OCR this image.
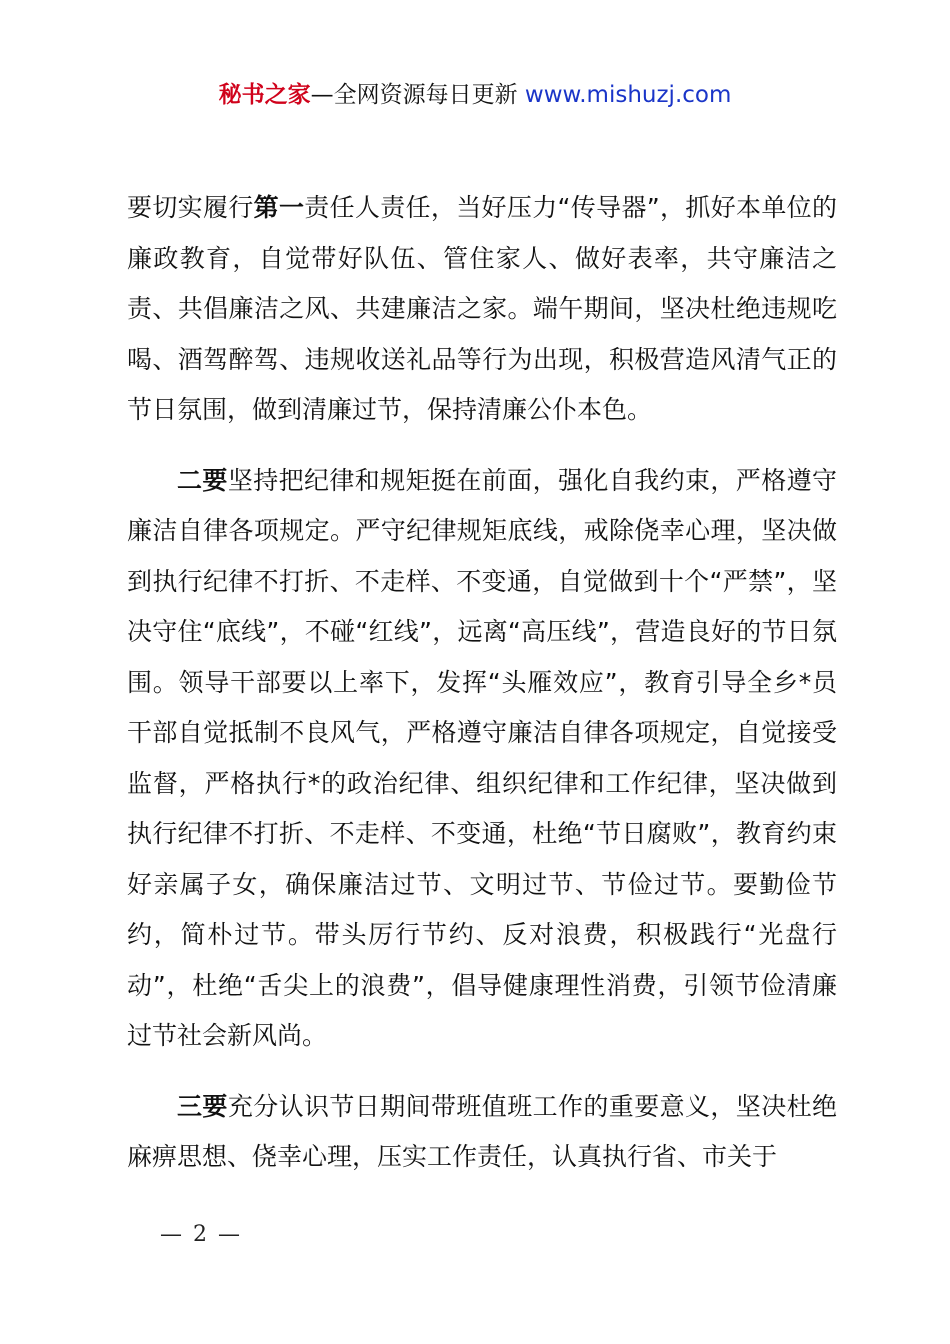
秘书之家—全网资源每日更新 www.mishuzj.com

要切实履行第一责任人责任，当好压力“传导器”，抓好本单位的廉政教育，自觉带好队伍、管住家人、做好表率，共守廉洁之责、共倡廉洁之风、共建廉洁之家。端午期间，坚决杜绝违规吃喝、酒驾醉驾、违规收送礼品等行为出现，积极营造风清气正的节日氛围，做到清廉过节，保持清廉公仆本色。

二要坚持把纪律和规矩挺在前面，强化自我约束，严格遵守廉洁自律各项规定。严守纪律规矩底线，戒除侥幸心理，坚决做到执行纪律不打折、不走样、不变通，自觉做到十个“严禁”，坚决守住“底线”，不碰“红线”，远离“高压线”，营造良好的节日氛围。领导干部要以上率下，发挥“头雁效应”，教育引导全乡*员干部自觉抵制不良风气，严格遵守廉洁自律各项规定，自觉接受监督，严格执行*的政治纪律、组织纪律和工作纪律，坚决做到执行纪律不打折、不走样、不变通，杜绝“节日腐败”，教育约束好亲属子女，确保廉洁过节、文明过节、节俭过节。要勤俭节约，简朴过节。带头厉行节约、反对浪费，积极践行“光盘行动”，杜绝“舌尖上的浪费”，倡导健康理性消费，引领节俭清廉过节社会新风尚。

三要充分认识节日期间带班值班工作的重要意义，坚决杜绝麻痹思想、侥幸心理，压实工作责任，认真执行省、市关于

— 2 —
